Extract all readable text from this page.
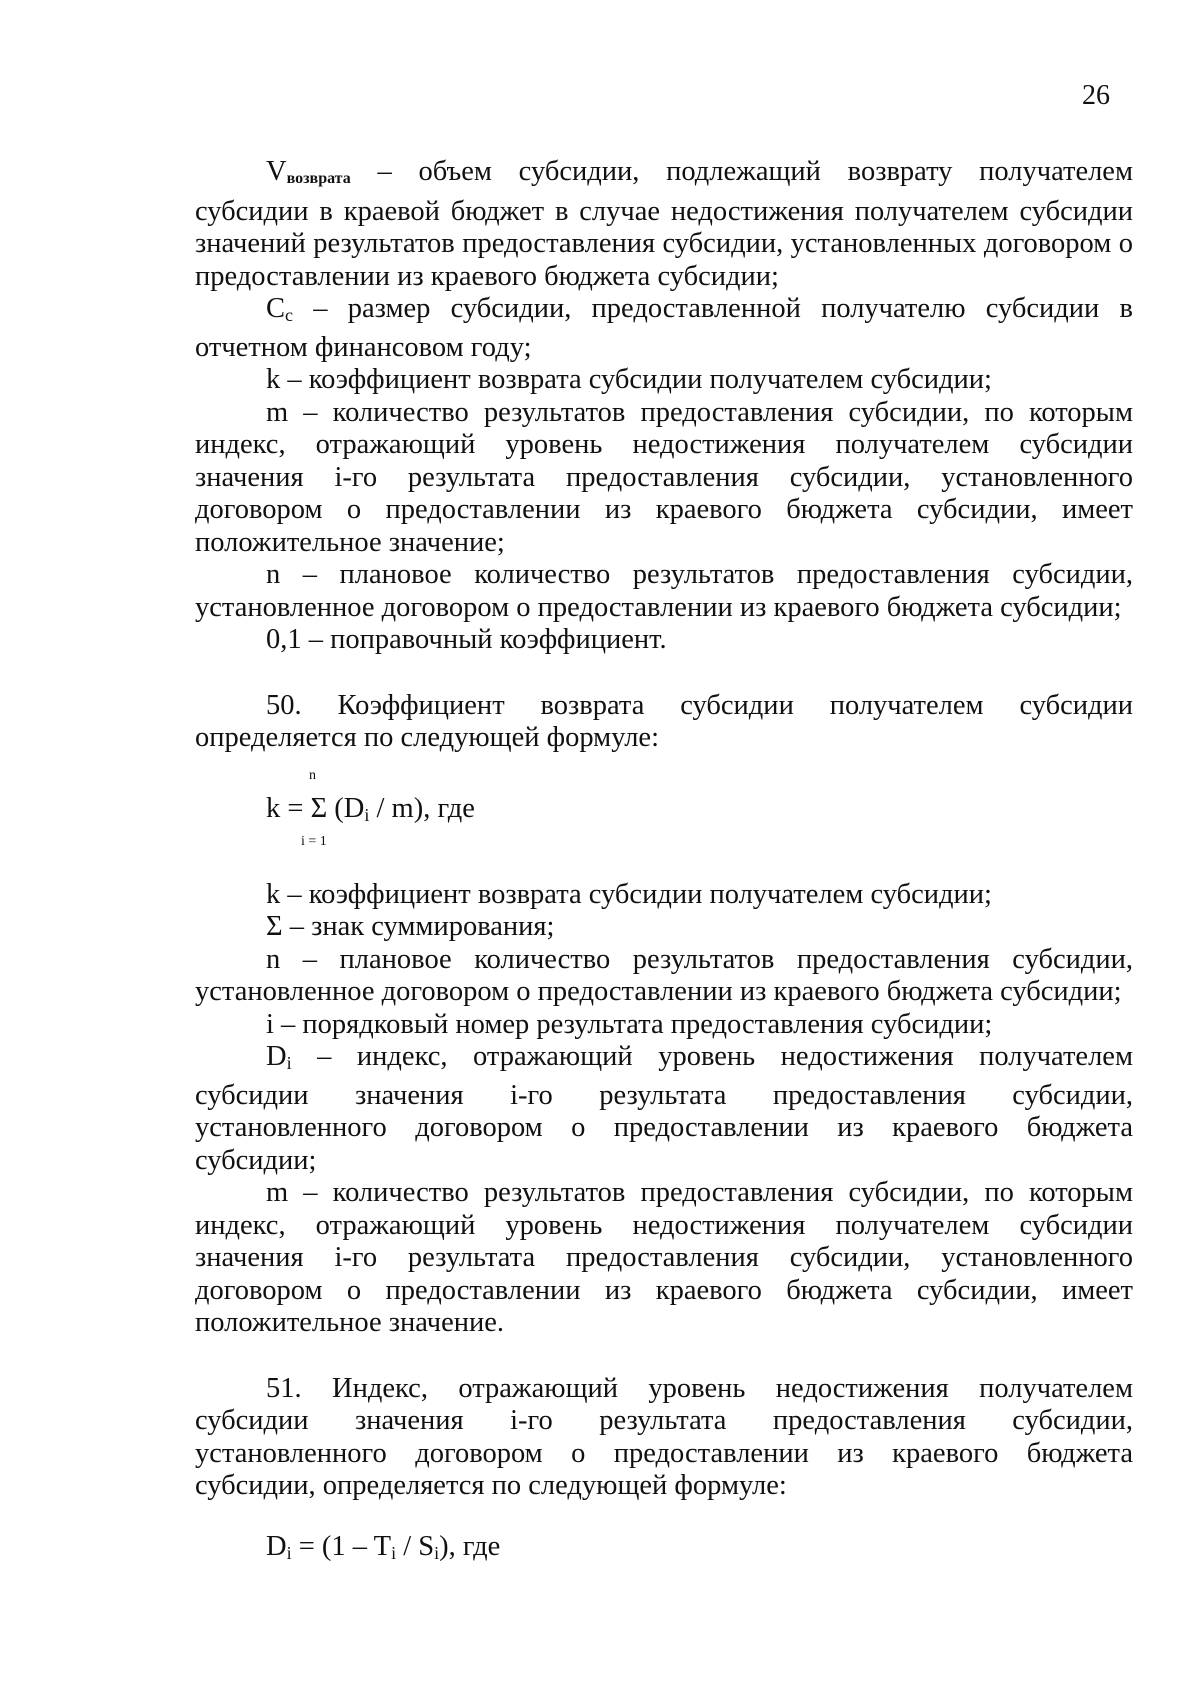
26

Vвозврата – объем субсидии, подлежащий возврату получателем субсидии в краевой бюджет в случае недостижения получателем субсидии значений результатов предоставления субсидии, установленных договором о предоставлении из краевого бюджета субсидии;

Cc – размер субсидии, предоставленной получателю субсидии в отчетном финансовом году;

k – коэффициент возврата субсидии получателем субсидии;

m – количество результатов предоставления субсидии, по которым индекс, отражающий уровень недостижения получателем субсидии значения i-го результата предоставления субсидии, установленного договором о предоставлении из краевого бюджета субсидии, имеет положительное значение;

n – плановое количество результатов предоставления субсидии, установленное договором о предоставлении из краевого бюджета субсидии;

0,1 – поправочный коэффициент.

50. Коэффициент возврата субсидии получателем субсидии определяется по следующей формуле:

n
k = Σ (Di / m), где
i = 1

k – коэффициент возврата субсидии получателем субсидии;

Σ – знак суммирования;

n – плановое количество результатов предоставления субсидии, установленное договором о предоставлении из краевого бюджета субсидии;

i – порядковый номер результата предоставления субсидии;

Di – индекс, отражающий уровень недостижения получателем субсидии значения i-го результата предоставления субсидии, установленного договором о предоставлении из краевого бюджета субсидии;

m – количество результатов предоставления субсидии, по которым индекс, отражающий уровень недостижения получателем субсидии значения i-го результата предоставления субсидии, установленного договором о предоставлении из краевого бюджета субсидии, имеет положительное значение.

51. Индекс, отражающий уровень недостижения получателем субсидии значения i-го результата предоставления субсидии, установленного договором о предоставлении из краевого бюджета субсидии, определяется по следующей формуле:

Di = (1 – Ti / Si), где
